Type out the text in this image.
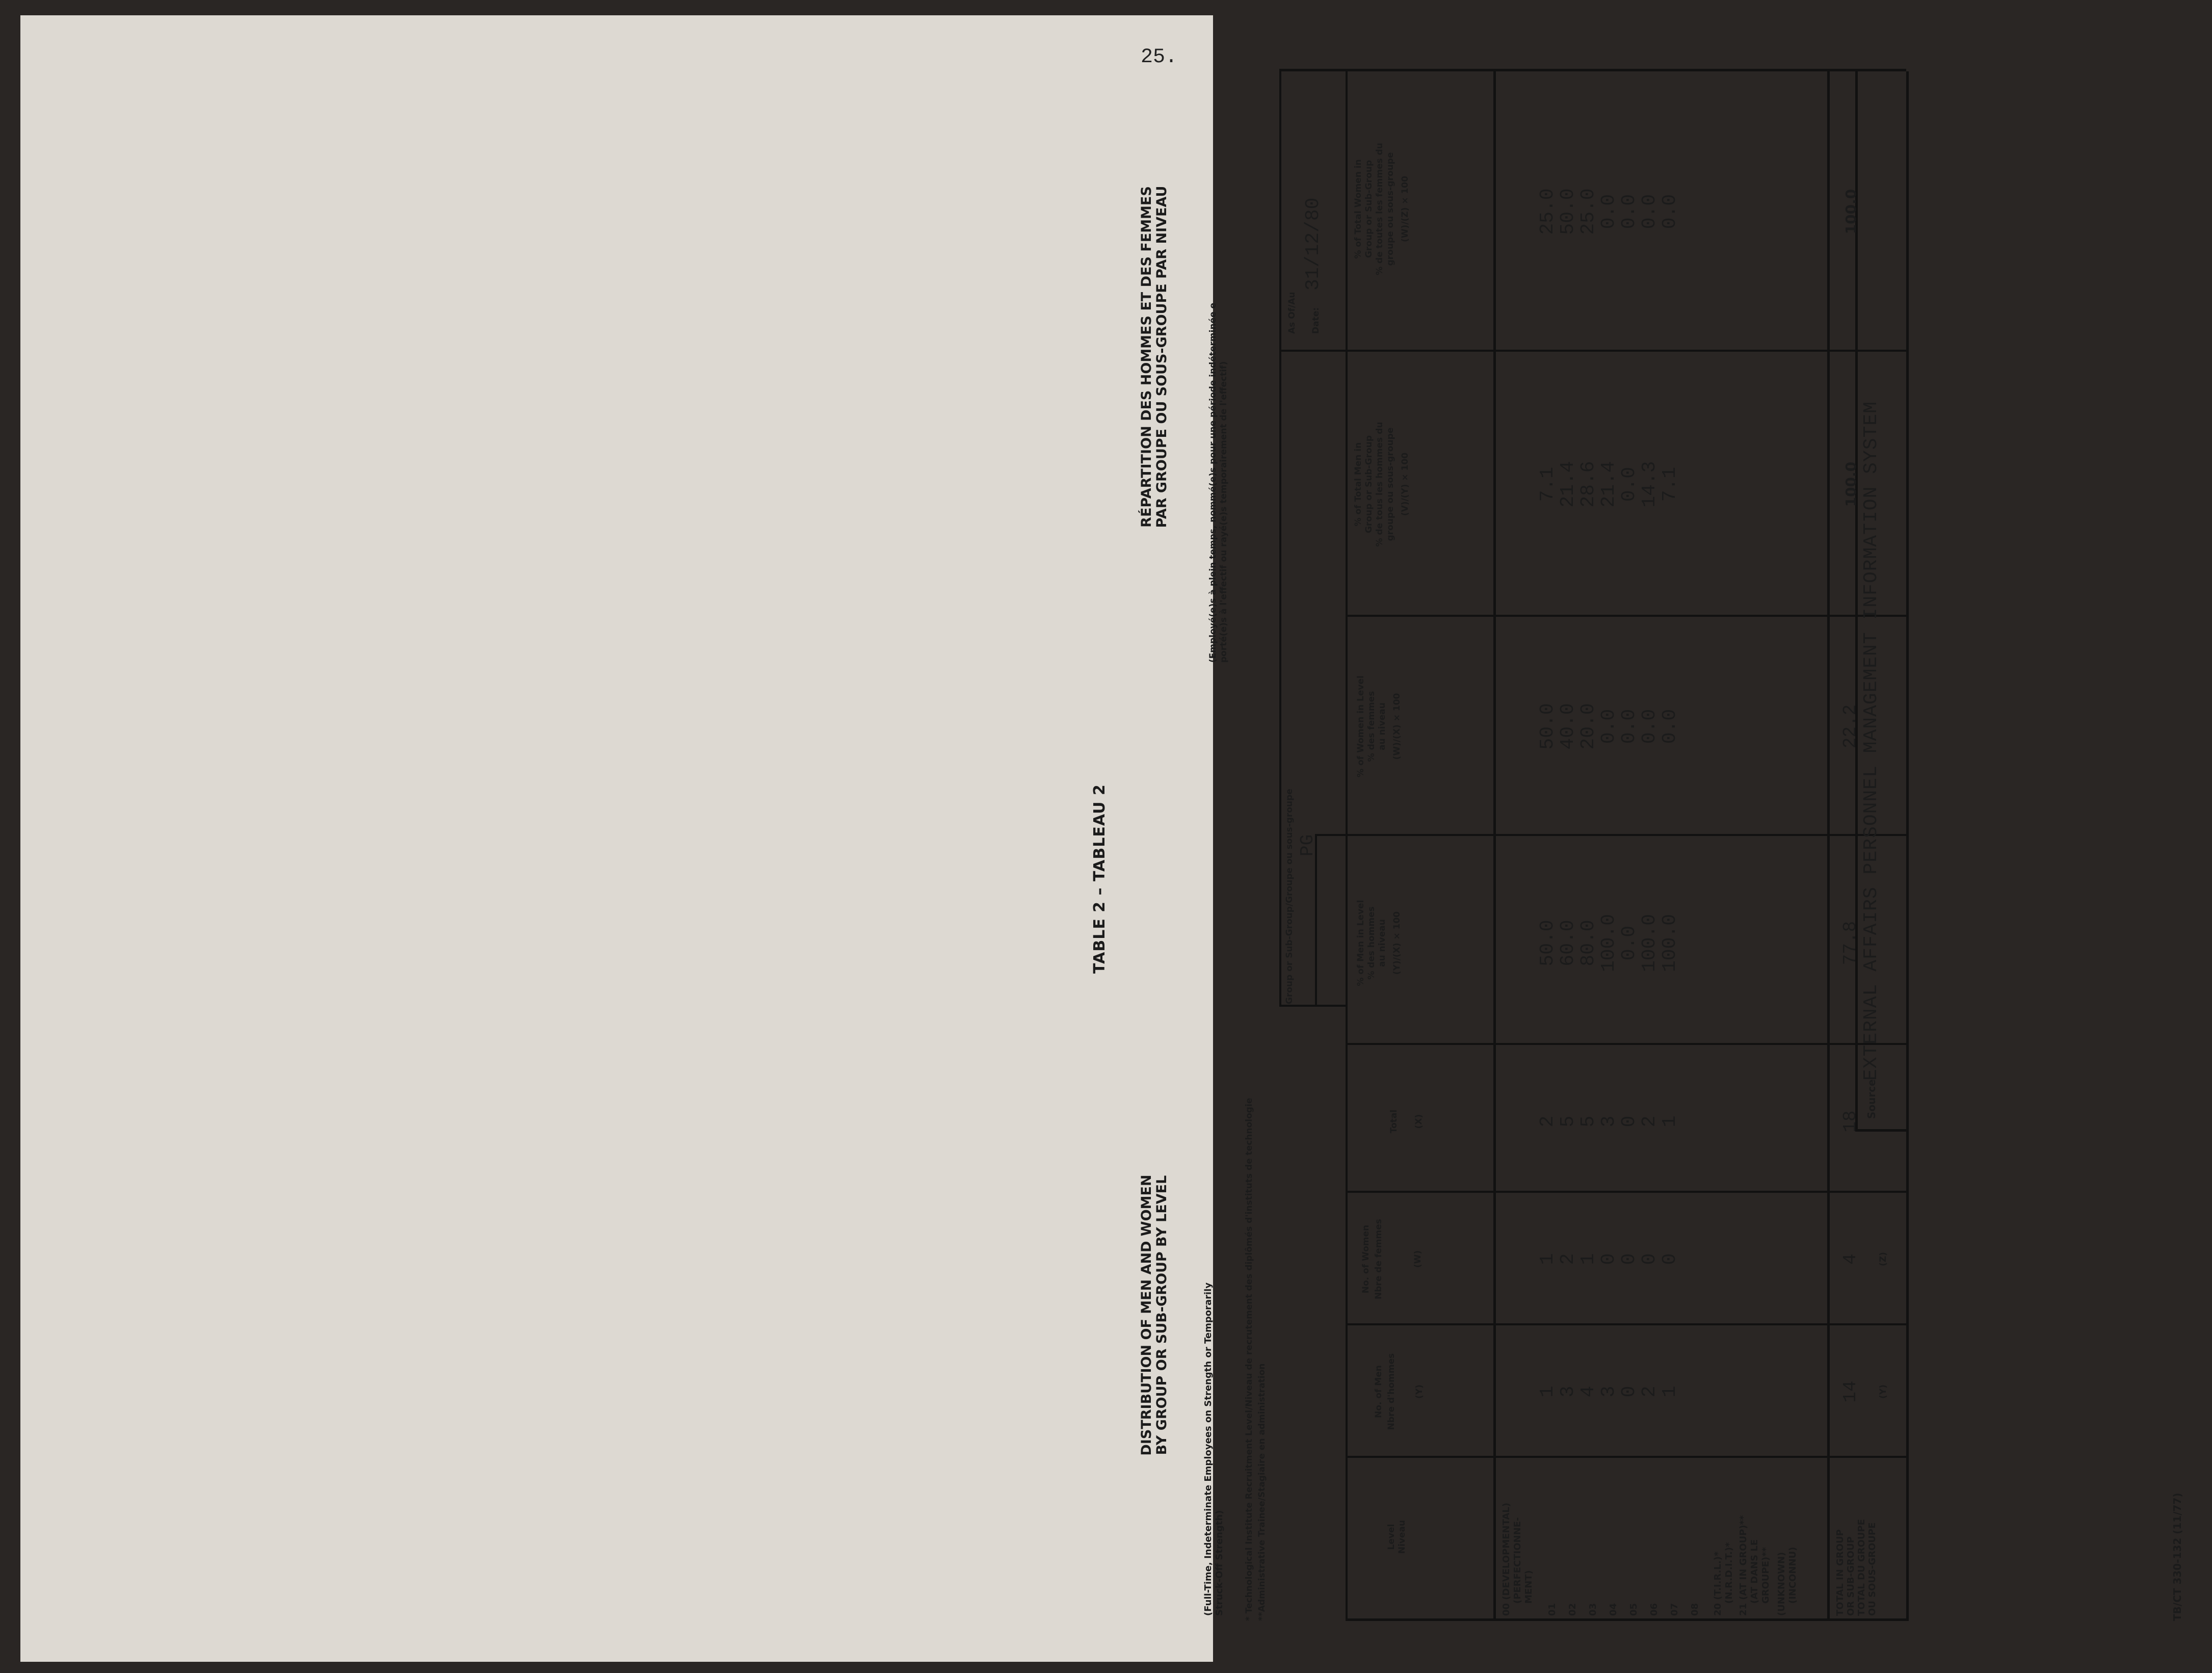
25.
TABLE 2 – TABLEAU 2
DISTRIBUTION OF MEN AND WOMEN BY GROUP OR SUB-GROUP BY LEVEL
RÉPARTITION DES HOMMES ET DES FEMMES PAR GROUPE OU SOUS-GROUPE PAR NIVEAU
(Full-Time, Indeterminate Employees on Strength or Temporarily Struck-Off Strength)
(Employé(e)s à plein temps, nommé(e)s pour une période indéterminée e porté(e)s à l'effectif ou rayé(e)s temporairement de l'effectif)
Group or Sub-Group/Groupe ou sous-groupe PG
As Of/Au Date:
31/12/80
Level Niveau
No. of Men Nbre d'hommes (Y)
No. of Women Nbre de femmes	(W)
Total (X)
% of Men in Level % des hommes au niveau (Y)/(X) × 100
% of Women in Level % des femmes au niveau (W)/(X) × 100
% of Total Men in Group or Sub-Group % de tous les hommes du groupe ou sous-groupe (V)/(Y) × 100
% of Total Women in Group or Sub-Group % de toutes les femmes du groupe ou sous-groupe (W)/(Z) × 100
00 (DEVELOPMENTAL) (PERFECTIONNE- MENT)
01 02 03 04 05 06 07 08 20 (T.I.R.L.)* (N.R.D.I.T.)* 21 (AT IN GROUP)** (AT DANS LE GROUPE)** (UNKNOWN) (INCONNU)
1
1
2
50.0
50.0
7.1
25.0
3
2
5
60.0
40.0
21.4
50.0
4
1
5
80.0
20.0
28.6
25.0
3
0
3
100.0
0.0
21.4
0.0
0
0
0
0.0
0.0
0.0
0.0
2
0
2
100.0
0.0
14.3
0.0
1
0
1
100.0
0.0
7.1
0.0
TOTAL IN GROUP OR SUB-GROUP TOTAL DU GROUPE OU SOUS-GROUPE
14 (Y)
4 (Z)
18
77.8
22.2
100.0
100.0
Source
EXTERNAL AFFAIRS PERSONNEL MANAGEMENT INFORMATION SYSTEM
* Technological Institute Recruitment Level/Niveau de recrutement des diplômés d'instituts de technologie	TB/CT 330-132 (11/77)
**Administrative Trainee/Stagiaire en administration
